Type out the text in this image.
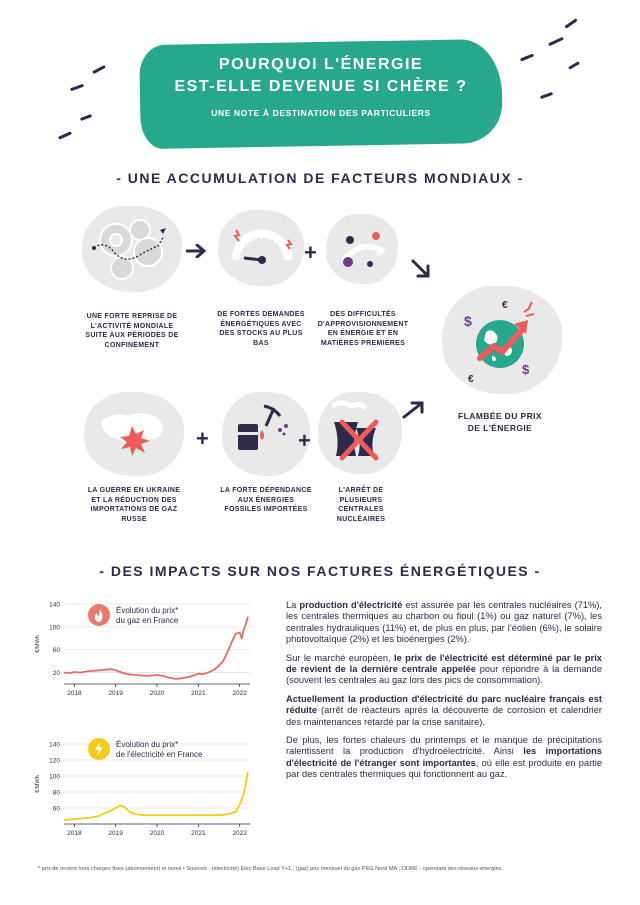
POURQUOI L'ÉNERGIE
EST-ELLE DEVENUE SI CHÈRE ?
UNE NOTE À DESTINATION DES PARTICULIERS
- UNE ACCUMULATION DE FACTEURS MONDIAUX -
+
UNE FORTE REPRISE DE L'ACTIVITÉ MONDIALE SUITE AUX PÉRIODES DE CONFINEMENT
DE FORTES DEMANDES ÉNERGÉTIQUES AVEC DES STOCKS AU PLUS BAS
DES DIFFICULTÉS D'APPROVISIONNEMENT EN ÉNERGIE ET EN MATIÈRES PREMIÈRES
$
$
€
€
FLAMBÉE DU PRIX
DE L'ÉNERGIE
+	+
LA GUERRE EN UKRAINE ET LA RÉDUCTION DES IMPORTATIONS DE GAZ RUSSE
LA FORTE DÉPENDANCE AUX ÉNERGIES FOSSILES IMPORTÉES
L'ARRÊT DE PLUSIEURS CENTRALES NUCLÉAIRES
- DES IMPACTS SUR NOS FACTURES ÉNERGÉTIQUES -
20
60
100
140
2018	2019	2020	2021	2022
€/MWh
Évolution du prix*
du gaz en France
60
80
100
120
140
2018	2019	2020	2021	2022
€/MWh
Évolution du prix*
de l'électricité en France

La production d'électricité est assurée par les centrales nucléaires (71%), les centrales thermiques au charbon ou fioul (1%) ou gaz naturel (7%), les centrales hydrauliques (11%) et, de plus en plus, par l'éolien (6%), le solaire photovoltaïque (2%) et les bioénergies (2%).

Sur le marché européen, le prix de l'électricité est déterminé par le prix de revient de la dernière centrale appelée pour répondre à la demande (souvent les centrales au gaz lors des pics de consommation).

Actuellement la production d'électricité du parc nucléaire français est réduite (arrêt de réacteurs après la découverte de corrosion et calendrier des maintenances retardé par la crise sanitaire).

De plus, les fortes chaleurs du printemps et le manque de précipitations ralentissent la production d'hydroélectricité. Ainsi les importations d'électricité de l'étranger sont importantes, où elle est produite en partie par des centrales thermiques qui fonctionnent au gaz.

* prix de revient hors charges fixes (abonnement) et taxes • Sources : (électricité) Elec Base Load Y+1 ; (gaz) prix mensuel du gaz PEG Nord MA ; ODRÉ - opendata des réseaux-énergies.
